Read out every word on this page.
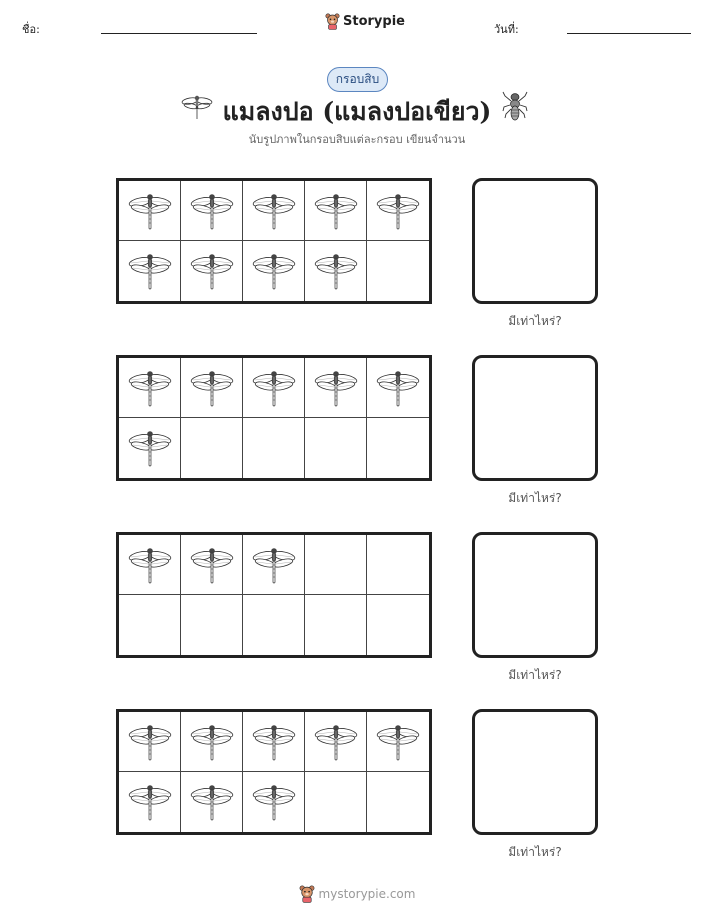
ชื่อ:
Storypie
วันที่:
กรอบสิบ
แมลงปอ (แมลงปอเขียว)
นับรูปภาพในกรอบสิบแต่ละกรอบ เขียนจำนวน
มีเท่าไหร่?
มีเท่าไหร่?
มีเท่าไหร่?
มีเท่าไหร่?
mystorypie.com
